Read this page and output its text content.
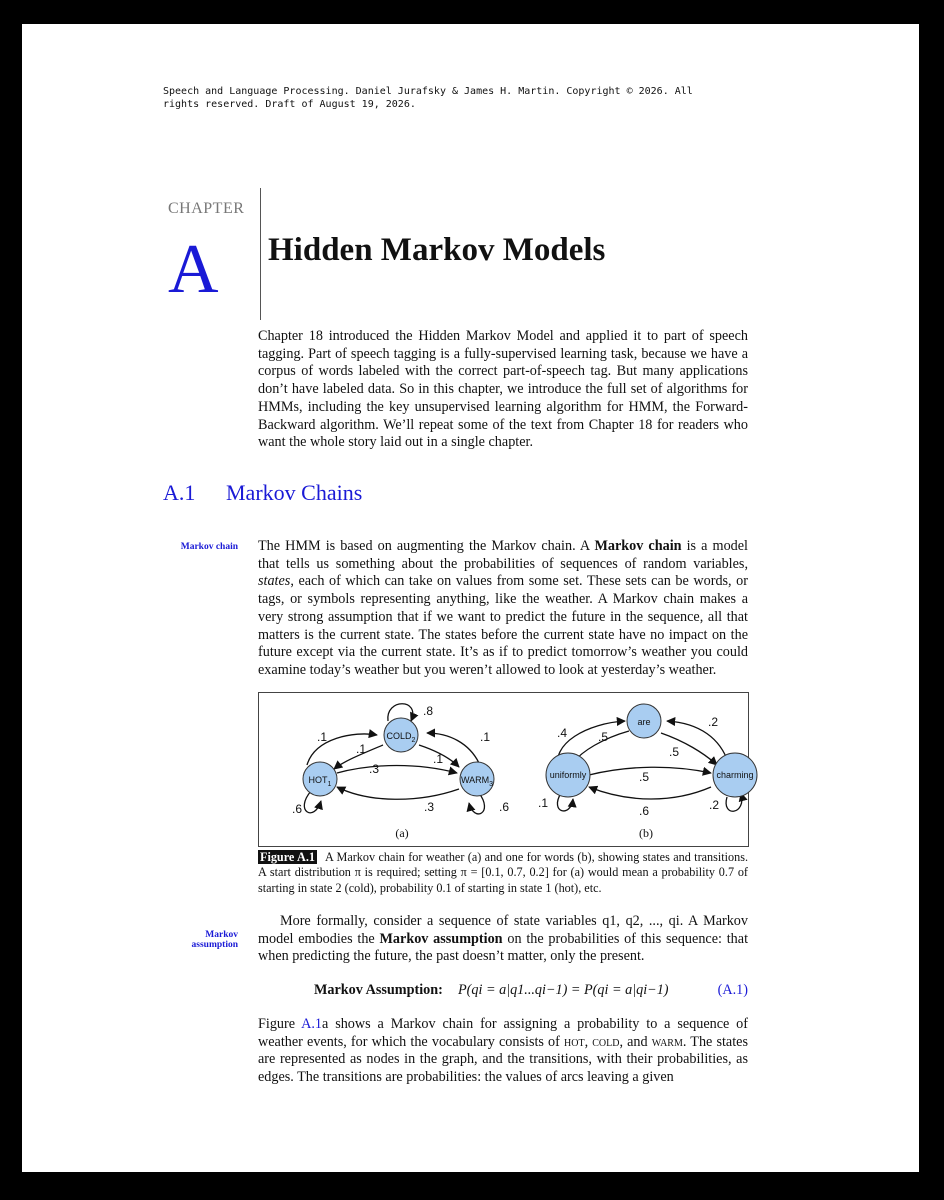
Speech and Language Processing. Daniel Jurafsky & James H. Martin. Copyright © 2026. All
rights reserved. Draft of August 19, 2026.
CHAPTER
A Hidden Markov Models
Chapter 18 introduced the Hidden Markov Model and applied it to part of speech tagging. Part of speech tagging is a fully-supervised learning task, because we have a corpus of words labeled with the correct part-of-speech tag. But many applications don’t have labeled data. So in this chapter, we introduce the full set of algorithms for HMMs, including the key unsupervised learning algorithm for HMM, the Forward-Backward algorithm. We’ll repeat some of the text from Chapter 18 for readers who want the whole story laid out in a single chapter.
A.1 Markov Chains
Markov chain The HMM is based on augmenting the Markov chain. A Markov chain is a model that tells us something about the probabilities of sequences of random variables, states, each of which can take on values from some set. These sets can be words, or tags, or symbols representing anything, like the weather. A Markov chain makes a very strong assumption that if we want to predict the future in the sequence, all that matters is the current state. The states before the current state have no impact on the future except via the current state. It’s as if to predict tomorrow’s weather you could examine today’s weather but you weren’t allowed to look at yesterday’s weather.
$HOT_1$
$COLD_2$
$WARM_3$
.8
.6	.6
.1
.1
.1
.1
.3
.3
(a)
are
uniformly	charming
.4	.5
.2
.5
.5
.6
.1	.2
(b)
Figure A.1 A Markov chain for weather (a) and one for words (b), showing states and transitions. A start distribution π is required; setting π = [0.1, 0.7, 0.2] for (a) would mean a probability 0.7 of starting in state 2 (cold), probability 0.1 of starting in state 1 (hot), etc.
Markov
assumption
More formally, consider a sequence of state variables q1, q2, ..., qi. A Markov model embodies the Markov assumption on the probabilities of this sequence: that when predicting the future, the past doesn’t matter, only the present.
Markov Assumption: P(qi = a|q1...qi−1) = P(qi = a|qi−1)	(A.1)
Figure A.1a shows a Markov chain for assigning a probability to a sequence of weather events, for which the vocabulary consists of hot, cold, and warm. The states are represented as nodes in the graph, and the transitions, with their probabilities, as edges. The transitions are probabilities: the values of arcs leaving a given
